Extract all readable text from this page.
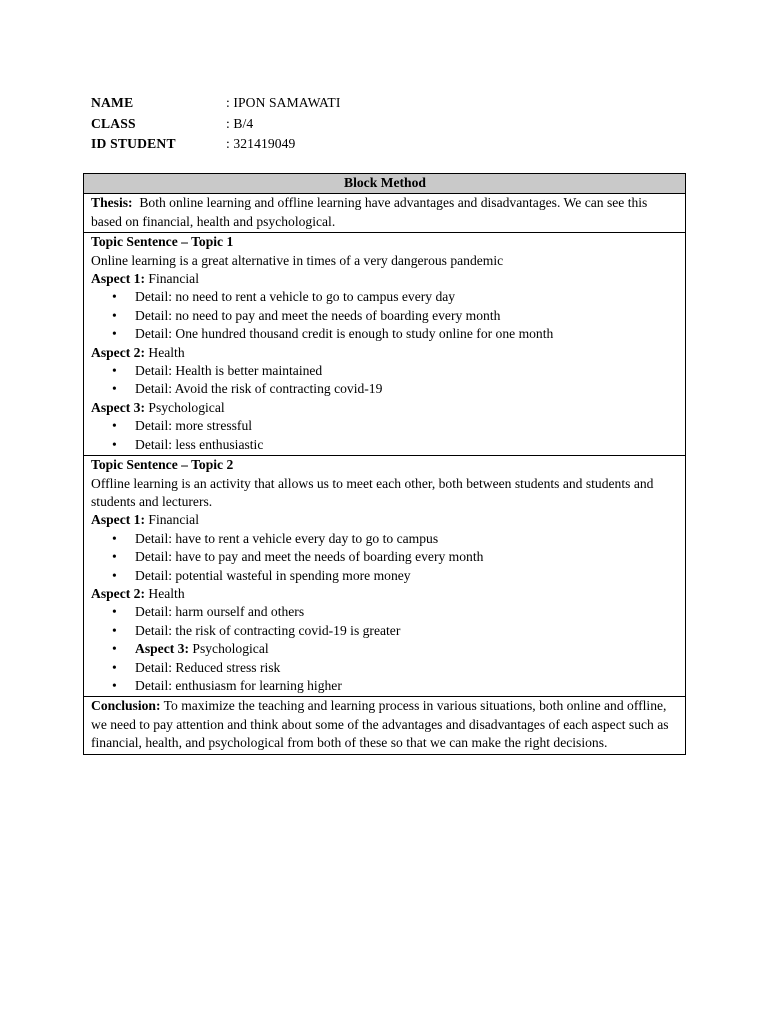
NAME	: IPON SAMAWATI
CLASS	: B/4
ID STUDENT	: 321419049
Block Method
Thesis:  Both online learning and offline learning have advantages and disadvantages. We can see this based on financial, health and psychological.

Topic Sentence – Topic 1
Online learning is a great alternative in times of a very dangerous pandemic
Aspect 1: Financial
• Detail: no need to rent a vehicle to go to campus every day
• Detail: no need to pay and meet the needs of boarding every month
• Detail: One hundred thousand credit is enough to study online for one month
Aspect 2: Health
• Detail: Health is better maintained
• Detail: Avoid the risk of contracting covid-19
Aspect 3: Psychological
• Detail: more stressful
• Detail: less enthusiastic

Topic Sentence – Topic 2
Offline learning is an activity that allows us to meet each other, both between students and students and students and lecturers.
Aspect 1: Financial
• Detail: have to rent a vehicle every day to go to campus
• Detail: have to pay and meet the needs of boarding every month
• Detail: potential wasteful in spending more money
Aspect 2: Health
• Detail: harm ourself and others
• Detail: the risk of contracting covid-19 is greater
• Aspect 3: Psychological
• Detail: Reduced stress risk
• Detail: enthusiasm for learning higher

Conclusion: To maximize the teaching and learning process in various situations, both online and offline, we need to pay attention and think about some of the advantages and disadvantages of each aspect such as financial, health, and psychological from both of these so that we can make the right decisions.
